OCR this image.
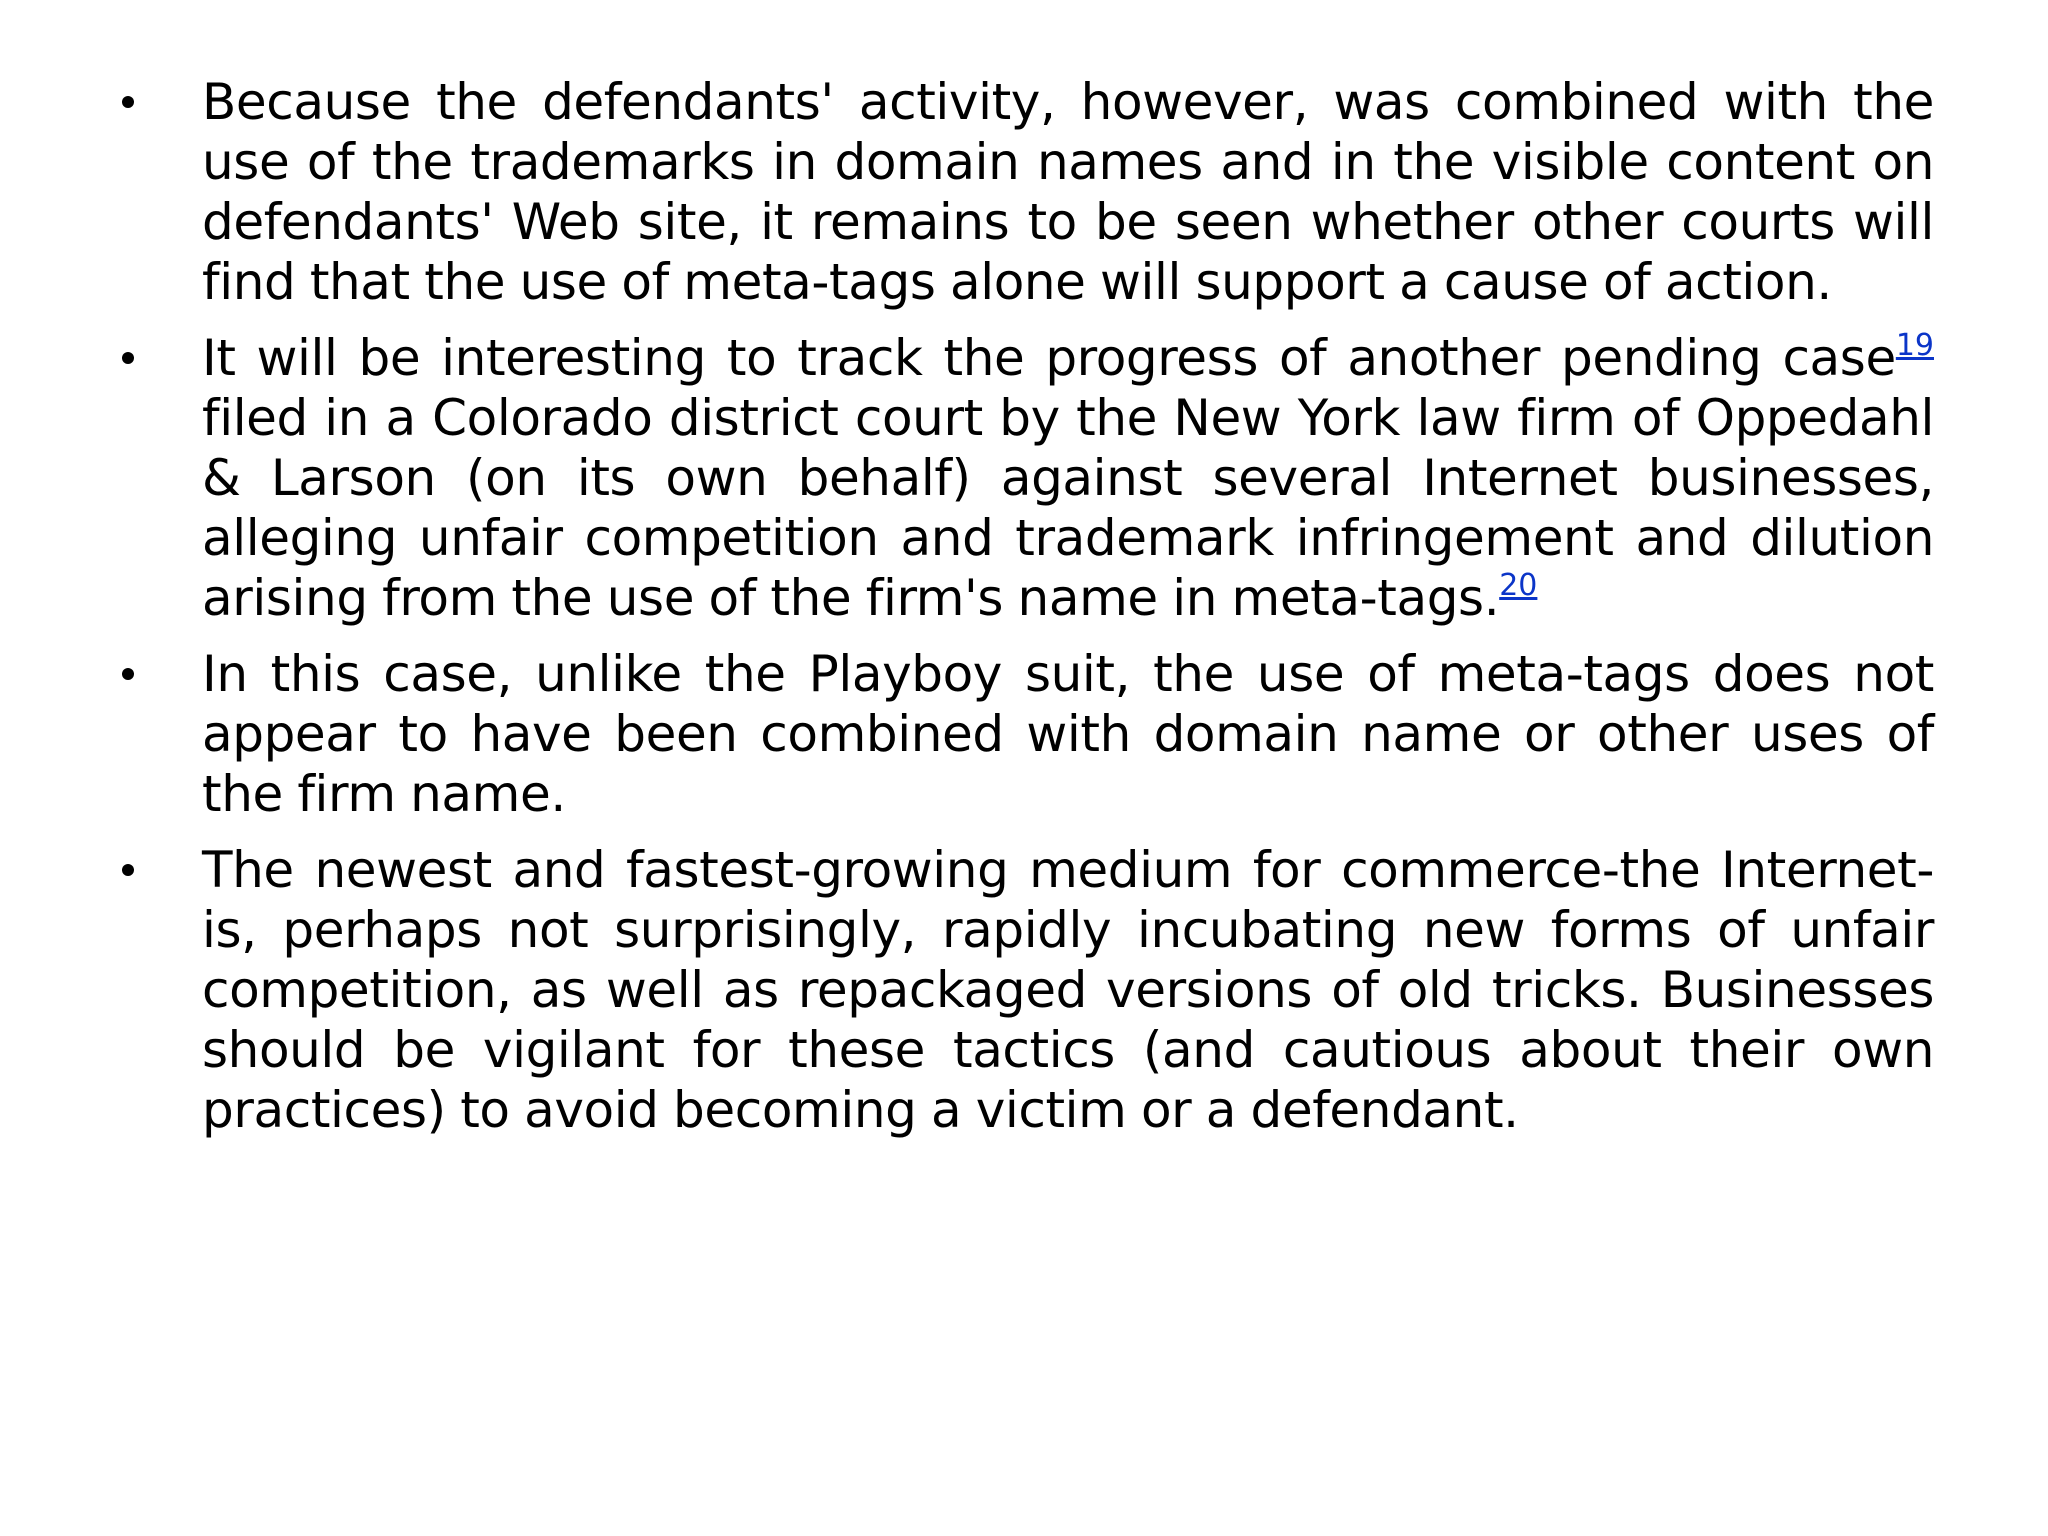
Because the defendants' activity, however, was combined with the use of the trademarks in domain names and in the visible content on defendants' Web site, it remains to be seen whether other courts will find that the use of meta-tags alone will support a cause of action.
It will be interesting to track the progress of another pending case$^{19}$ filed in a Colorado district court by the New York law firm of Oppedahl & Larson (on its own behalf) against several Internet businesses, alleging unfair competition and trademark infringement and dilution arising from the use of the firm's name in meta-tags.$^{20}$
In this case, unlike the Playboy suit, the use of meta-tags does not appear to have been combined with domain name or other uses of the firm name.
The newest and fastest-growing medium for commerce-the Internet-is, perhaps not surprisingly, rapidly incubating new forms of unfair competition, as well as repackaged versions of old tricks. Businesses should be vigilant for these tactics (and cautious about their own practices) to avoid becoming a victim or a defendant.
